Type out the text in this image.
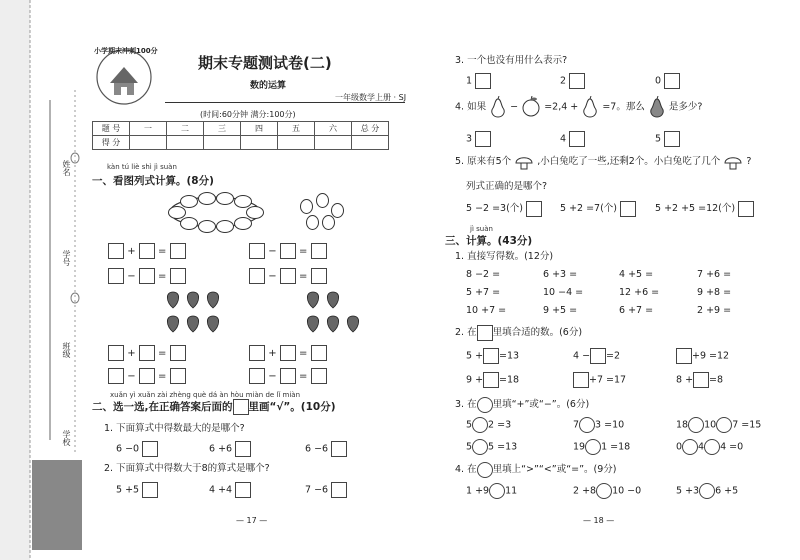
姓名
学号
班级
学校
小学期末冲刺100分
期末专题测试卷(二)
数的运算
一年级数学上册 · SJ
(时间:60分钟 满分:100分)
题 号	一	二	三	四	五	六	总 分
得 分							
kàn tú liè shì jì suàn
一、看图列式计算。(8分)
+ =	− =
− =	− =
+ =	+ =
− =	− =
xuǎn yì xuǎn zài zhèng què dá àn hòu miàn de lǐ miàn
二、选一选,在正确答案后面的 里画“√”。(10分)
1. 下面算式中得数最大的是哪个?
6 −0	6 +6	6 −6
2. 下面算式中得数大于8的算式是哪个?
5 +5	4 +4	7 −6
— 17 —
3. 一个也没有用什么表示?
1	2	0
4. 如果	−	=2,4 +	=7。那么	是多少?
3	4	5
5. 原来有5个	,小白兔吃了一些,还剩2个。小白兔吃了几个	?
列式正确的是哪个?
5 −2 =3(个)	5 +2 =7(个)	5 +2 +5 =12(个)
jì suàn
三、计算。(43分)
1. 直接写得数。(12分)
8 −2 =	6 +3 =	4 +5 =	7 +6 =
5 +7 =	10 −4 =	12 +6 =	9 +8 =
10 +7 =	9 +5 =	6 +7 =	2 +9 =
2. 在 里填合适的数。(6分)
5 + =13	4 − =2	+9 =12
9 + =18	+7 =17	8 + =8
3. 在 里填“+”或“−”。(6分)
5 2 =3	7 3 =10	18 10 7 =15
5 5 =13	19 1 =18	0 4 4 =0
4. 在 里填上“>”“<”或“=”。(9分)
1 +9 11	2 +8 10 −0	5 +3 6 +5
— 18 —
